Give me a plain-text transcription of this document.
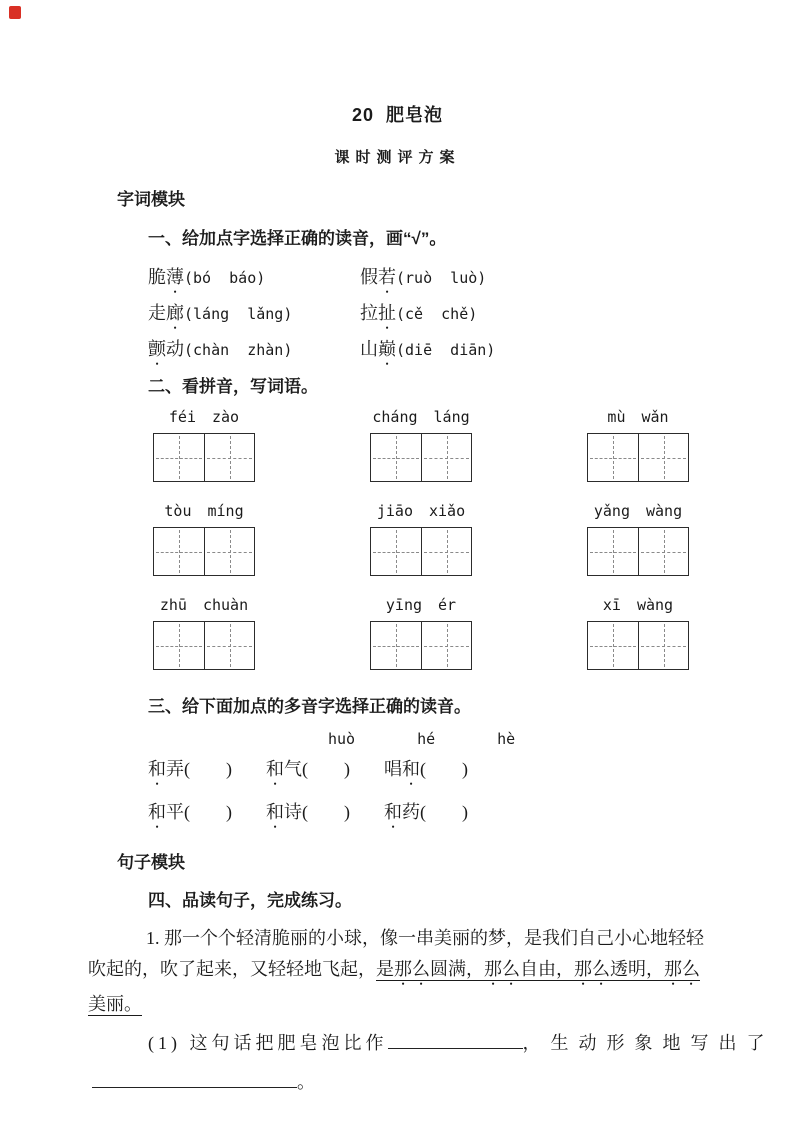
20  肥皂泡
课时测评方案
字词模块
一、给加点字选择正确的读音，画“√”。
脆薄(bó  báo)	假若(ruò  luò)
走廊(láng  lǎng)	拉扯(cě  chě)
颤动(chàn  zhàn)	山巅(diē  diān)
二、看拼音，写词语。
féi zào	cháng láng	mù wǎn
tòu míng	jiāo xiǎo	yǎng wàng
zhū chuàn	yīng ér	xī wàng
三、给下面加点的多音字选择正确的读音。
huò	hé	hè
和弄( ) 和气( ) 唱和( )
和平( ) 和诗( ) 和药( )
句子模块
四、品读句子，完成练习。

1. 那一个个轻清脆丽的小球，像一串美丽的梦，是我们自己小心地轻轻吹起的，吹了起来，又轻轻地飞起，是那么圆满，那么自由，那么透明，那么美丽。

(1) 这句话把肥皂泡比作	，生动形象地写出了
。
